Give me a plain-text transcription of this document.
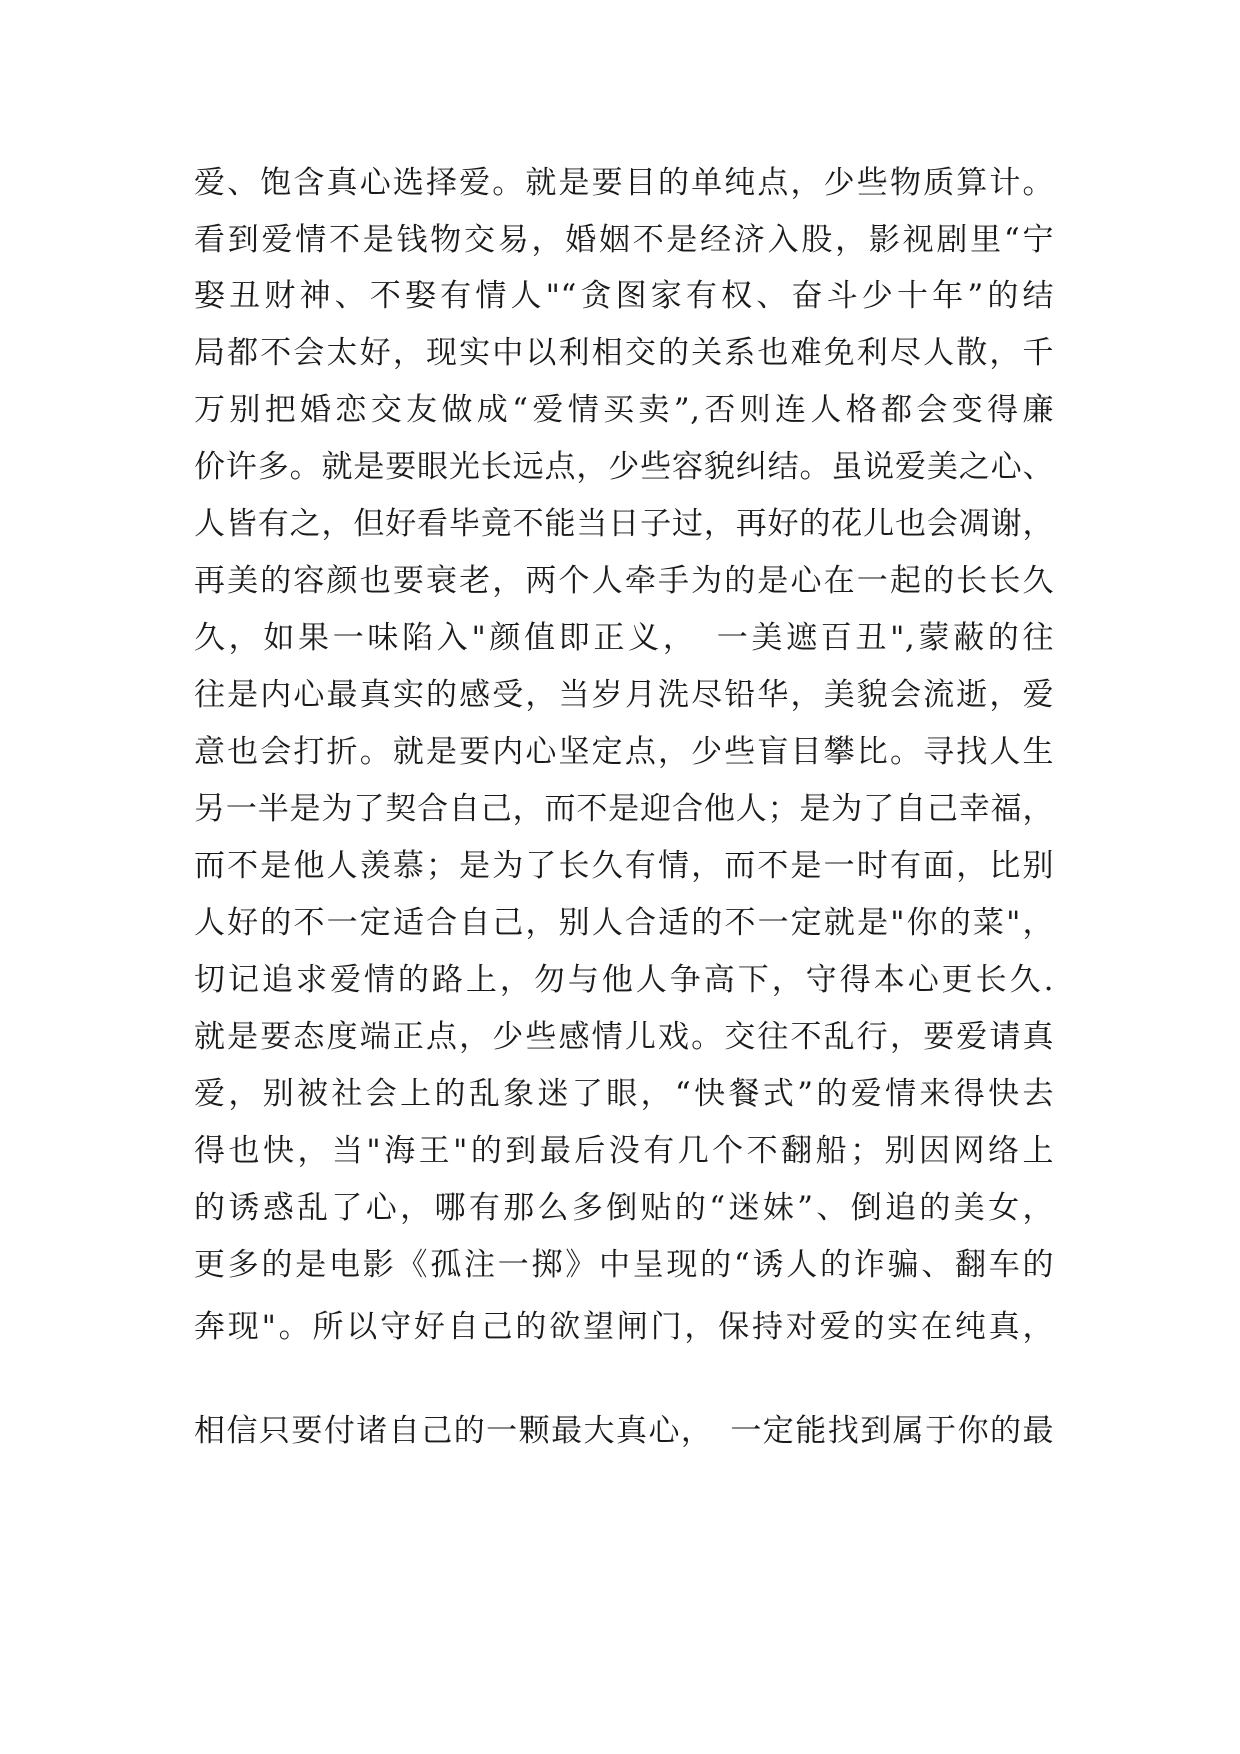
爱、饱含真心选择爱。就是要目的单纯点，少些物质算计。
看到爱情不是钱物交易，婚姻不是经济入股，影视剧里“宁
娶丑财神、不娶有情人"“贪图家有权、奋斗少十年”的结
局都不会太好，现实中以利相交的关系也难免利尽人散，千
万别把婚恋交友做成“爱情买卖”,否则连人格都会变得廉
价许多。就是要眼光长远点，少些容貌纠结。虽说爱美之心、
人皆有之，但好看毕竟不能当日子过，再好的花儿也会凋谢，
再美的容颜也要衰老，两个人牵手为的是心在一起的长长久
久，如果一味陷入"颜值即正义，　一美遮百丑",蒙蔽的往
往是内心最真实的感受，当岁月洗尽铅华，美貌会流逝，爱
意也会打折。就是要内心坚定点，少些盲目攀比。寻找人生
另一半是为了契合自己，而不是迎合他人；是为了自己幸福，
而不是他人羡慕；是为了长久有情，而不是一时有面，比别
人好的不一定适合自己，别人合适的不一定就是"你的菜"，
切记追求爱情的路上，勿与他人争高下，守得本心更长久.
就是要态度端正点，少些感情儿戏。交往不乱行，要爱请真
爱，别被社会上的乱象迷了眼，“快餐式”的爱情来得快去
得也快，当"海王"的到最后没有几个不翻船；别因网络上
的诱惑乱了心，哪有那么多倒贴的“迷妹”、倒追的美女，
更多的是电影《孤注一掷》中呈现的“诱人的诈骗、翻车的
奔现"。所以守好自己的欲望闸门，保持对爱的实在纯真，
相信只要付诸自己的一颗最大真心，　一定能找到属于你的最
